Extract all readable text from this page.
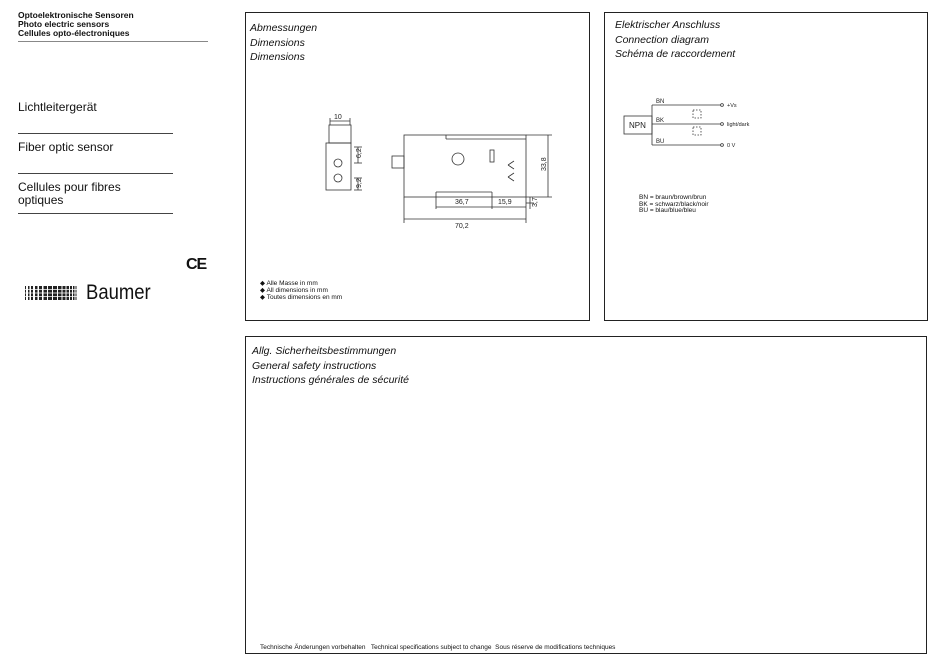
Optoelektronische Sensoren
Photo electric sensors
Cellules opto-électroniques
Lichtleitergerät
Fiber optic sensor
Cellules pour fibres
optiques
CE
Baumer
Abmessungen
Dimensions
Dimensions
10
6,2
9,2
36,7	15,9
70,2
33,8
3,7
◆ Alle Masse in mm
◆ All dimensions in mm
◆ Toutes dimensions en mm
Elektrischer Anschluss
Connection diagram
Schéma de raccordement
NPN
BN
BK
BU
+Vs
light/dark
0 V
BN = braun/brown/brun
BK = schwarz/black/noir
BU = blau/blue/bleu
Allg. Sicherheitsbestimmungen
General safety instructions
Instructions générales de sécurité
Technische Änderungen vorbehalten   Technical specifications subject to change  Sous réserve de modifications techniques
